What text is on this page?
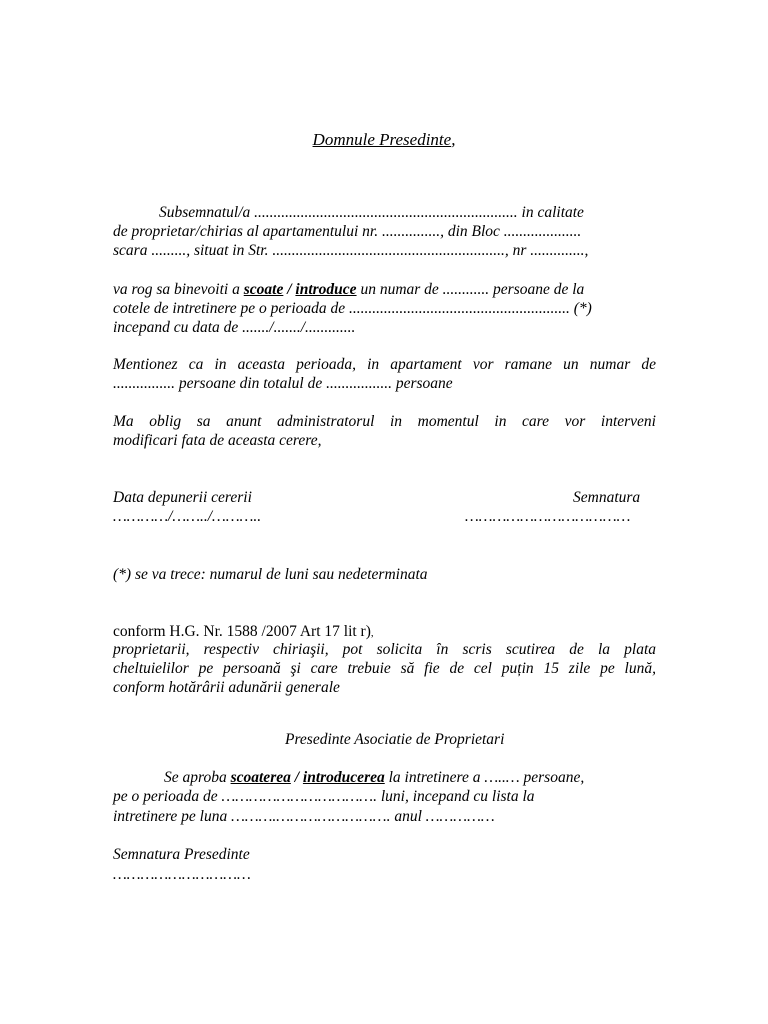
Domnule Presedinte,
Subsemnatul/a .................................................................... in calitate
de proprietar/chirias al apartamentului nr. ..............., din Bloc ....................
scara ........., situat in Str. ............................................................, nr ..............,
va rog sa binevoiti a scoate / introduce un numar de ............ persoane de la
cotele de intretinere pe o perioada de ......................................................... (*)
incepand cu data de ......./......./.............
Mentionez ca in aceasta perioada, in apartament vor ramane un numar de
................ persoane din totalul de ................. persoane
Ma oblig sa anunt administratorul in momentul in care vor interveni
modificari fata de aceasta cerere,
Data depunerii cererii	Semnatura
…………/……../………..	………………………………
(*) se va trece: numarul de luni sau nedeterminata
conform H.G. Nr. 1588 /2007 Art 17 lit r),
proprietarii, respectiv chiriaşii, pot solicita în scris scutirea de la plata
cheltuielilor pe persoană şi care trebuie să fie de cel puțin 15 zile pe lună,
conform hotărârii adunării generale
Presedinte Asociatie de Proprietari
Se aproba scoaterea / introducerea la intretinere a …..… persoane,
pe o perioada de ……………………………. luni, incepand cu lista la
intretinere pe luna ……….……………………. anul ……………
Semnatura Presedinte
…………………………
